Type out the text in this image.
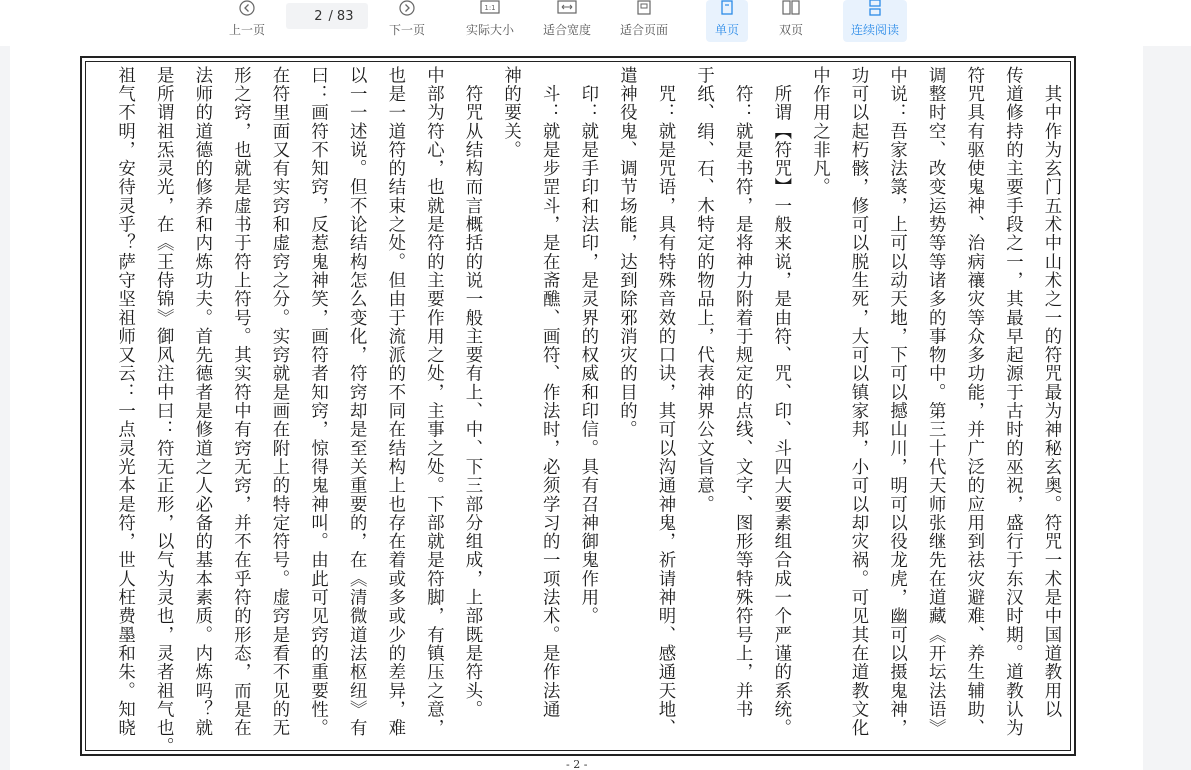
上一页
2
/ 83
下一页
1:1
实际大小 适合宽度 适合页面	单页	双页	连续阅读
　其中作为玄门五术中山术之一的符咒最为神秘玄奥。符咒一术是中国道教用以
传道修持的主要手段之一，其最早起源于古时的巫祝，盛行于东汉时期。道教认为
符咒具有驱使鬼神、治病禳灾等众多功能，并广泛的应用到祛灾避难、养生辅助、
调整时空、改变运势等等诸多的事物中。第三十代天师张继先在道藏《开坛法语》
中说：吾家法箓，上可以动天地，下可以撼山川，明可以役龙虎，幽可以摄鬼神，
功可以起朽骸，修可以脱生死，大可以镇家邦，小可以却灾祸。可见其在道教文化
中作用之非凡。
　所谓【符咒】一般来说，是由符、咒、印、斗四大要素组合成一个严谨的系统。
　符：就是书符，是将神力附着于规定的点线、文字、图形等特殊符号上，并书
于纸、绢、石、木特定的物品上，代表神界公文旨意。
　咒：就是咒语，具有特殊音效的口诀，其可以沟通神鬼，祈请神明、感通天地、
遣神役鬼、调节场能，达到除邪消灾的目的。
　印：就是手印和法印，是灵界的权威和印信。具有召神御鬼作用。
　斗：就是步罡斗，是在斋醮、画符、作法时，必须学习的一项法术。是作法通
神的要关。
　符咒从结构而言概括的说一般主要有上、中、下三部分组成，上部既是符头。
中部为符心，也就是符的主要作用之处，主事之处。下部就是符脚，有镇压之意，
也是一道符的结束之处。但由于流派的不同在结构上也存在着或多或少的差异，难
以一一述说。但不论结构怎么变化，符窍却是至关重要的，在《清微道法枢纽》有
曰：画符不知窍，反惹鬼神笑，画符者知窍，惊得鬼神叫。由此可见窍的重要性。
在符里面又有实窍和虚窍之分。实窍就是画在附上的特定符号。虚窍是看不见的无
形之窍，也就是虚书于符上符号。其实符中有窍无窍，并不在乎符的形态，而是在
法师的道德的修养和内炼功夫。首先德者是修道之人必备的基本素质。内炼吗？就
是所谓祖炁灵光，在《王侍锦》御风注中曰：符无正形，以气为灵也，灵者祖气也。
祖气不明，安待灵乎？萨守坚祖师又云：一点灵光本是符，世人枉费墨和朱。知晓
- 2 -
